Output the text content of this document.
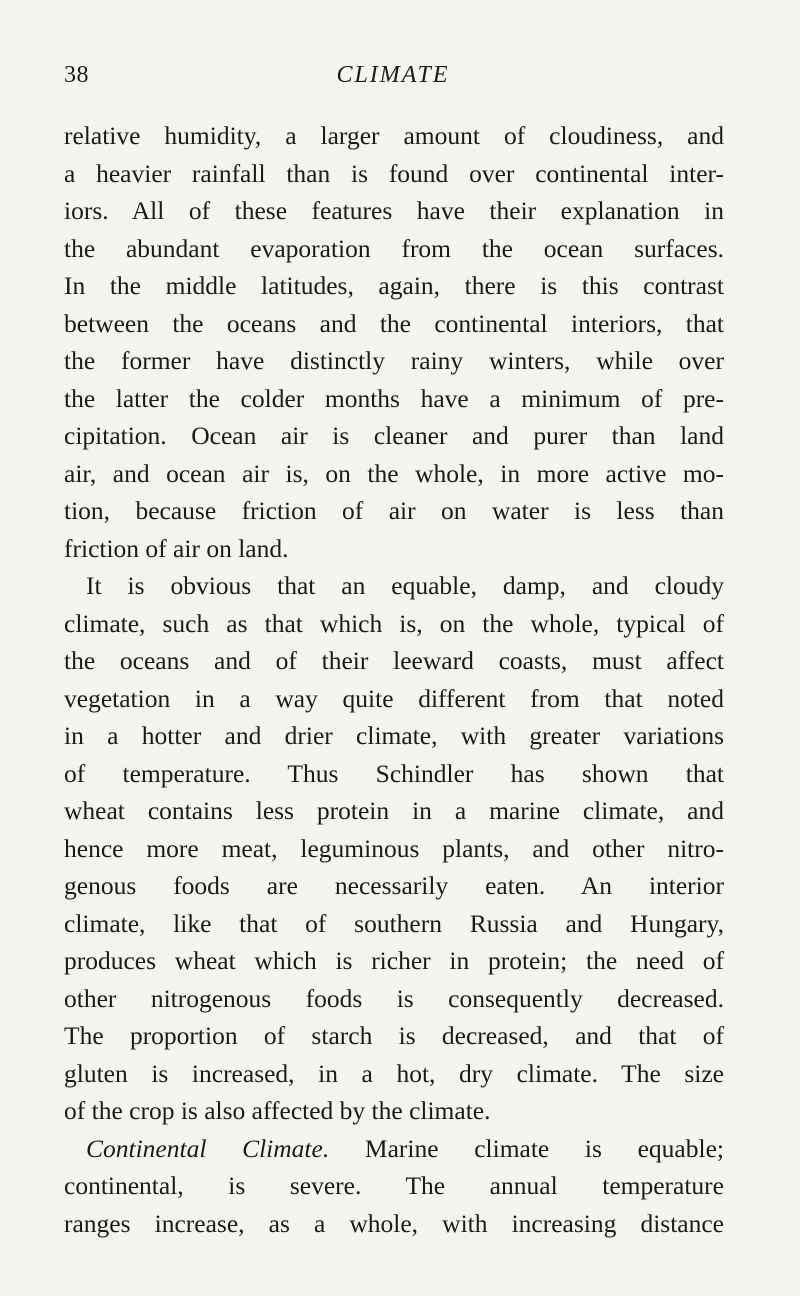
38	CLIMATE
relative humidity, a larger amount of cloudiness, and
a heavier rainfall than is found over continental inter-
iors. All of these features have their explanation in
the abundant evaporation from the ocean surfaces.
In the middle latitudes, again, there is this contrast
between the oceans and the continental interiors, that
the former have distinctly rainy winters, while over
the latter the colder months have a minimum of pre-
cipitation. Ocean air is cleaner and purer than land
air, and ocean air is, on the whole, in more active mo-
tion, because friction of air on water is less than
friction of air on land.
It is obvious that an equable, damp, and cloudy
climate, such as that which is, on the whole, typical of
the oceans and of their leeward coasts, must affect
vegetation in a way quite different from that noted
in a hotter and drier climate, with greater variations
of temperature. Thus Schindler has shown that
wheat contains less protein in a marine climate, and
hence more meat, leguminous plants, and other nitro-
genous foods are necessarily eaten. An interior
climate, like that of southern Russia and Hungary,
produces wheat which is richer in protein; the need of
other nitrogenous foods is consequently decreased.
The proportion of starch is decreased, and that of
gluten is increased, in a hot, dry climate. The size
of the crop is also affected by the climate.
Continental Climate. Marine climate is equable;
continental, is severe. The annual temperature
ranges increase, as a whole, with increasing distance
